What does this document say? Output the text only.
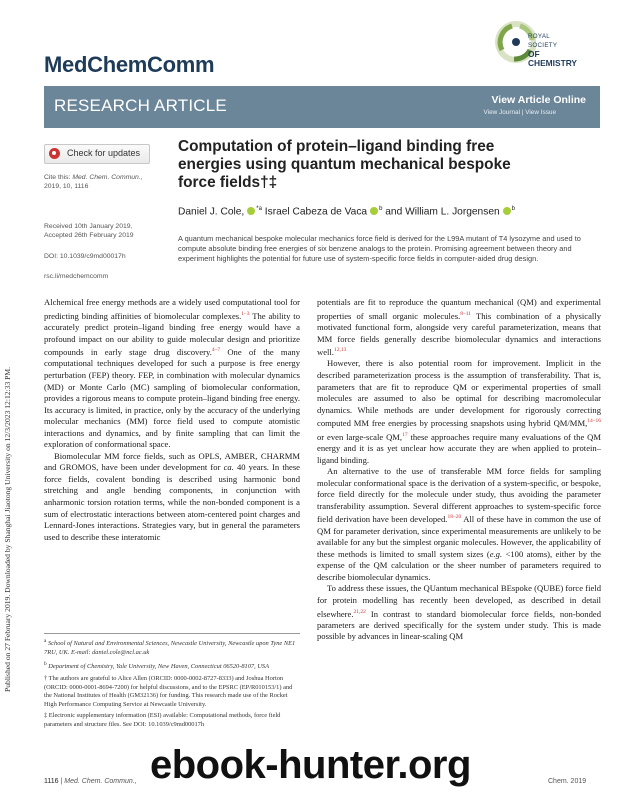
Published on 27 February 2019. Downloaded by Shanghai Jiaotong University on 12/3/2023 12:12:33 PM.
MedChemComm
ROYAL SOCIETY
OF CHEMISTRY
RESEARCH ARTICLE	View Article Online
View Journal | View Issue
Check for updates
Cite this: Med. Chem. Commun.,
2019, 10, 1116
Received 10th January 2019,
Accepted 26th February 2019
DOI: 10.1039/c9md00017h
rsc.li/medchemcomm
Computation of protein–ligand binding free
energies using quantum mechanical bespoke
force fields†‡
Daniel J. Cole, $^{*a}$ Israel Cabeza de Vaca $^b$ and William L. Jorgensen $^b$
A quantum mechanical bespoke molecular mechanics force field is derived for the L99A mutant of T4 lysozyme and used to compute absolute binding free energies of six benzene analogs to the protein. Promising agreement between theory and experiment highlights the potential for future use of system-specific force fields in computer-aided drug design.

Alchemical free energy methods are a widely used computational tool for predicting binding affinities of biomolecular complexes.$^{1-3}$ The ability to accurately predict protein–ligand binding free energy would have a profound impact on our ability to guide molecular design and prioritize compounds in early stage drug discovery.$^{4-7}$ One of the many computational techniques developed for such a purpose is free energy perturbation (FEP) theory. FEP, in combination with molecular dynamics (MD) or Monte Carlo (MC) sampling of biomolecular conformation, provides a rigorous means to compute protein–ligand binding free energy. Its accuracy is limited, in practice, only by the accuracy of the underlying molecular mechanics (MM) force field used to compute atomistic interactions and dynamics, and by finite sampling that can limit the exploration of conformational space.

Biomolecular MM force fields, such as OPLS, AMBER, CHARMM and GROMOS, have been under development for ca. 40 years. In these force fields, covalent bonding is described using harmonic bond stretching and angle bending components, in conjunction with anharmonic torsion rotation terms, while the non-bonded component is a sum of electrostatic interactions between atom-centered point charges and Lennard-Jones interactions. Strategies vary, but in general the parameters used to describe these interatomic

$^a$ School of Natural and Environmental Sciences, Newcastle University, Newcastle upon Tyne NE1 7RU, UK. E-mail: daniel.cole@ncl.ac.uk

$^b$ Department of Chemistry, Yale University, New Haven, Connecticut 06520-8107, USA

† The authors are grateful to Alice Allen (ORCID: 0000-0002-8727-8333) and Joshua Horton (ORCID: 0000-0001-8694-7200) for helpful discussions, and to the EPSRC (EP/R010153/1) and the National Institutes of Health (GM32136) for funding. This research made use of the Rocket High Performance Computing Service at Newcastle University.

‡ Electronic supplementary information (ESI) available: Computational methods, force field parameters and structure files. See DOI: 10.1039/c9md00017h

potentials are fit to reproduce the quantum mechanical (QM) and experimental properties of small organic molecules.$^{8-11}$ This combination of a physically motivated functional form, alongside very careful parameterization, means that MM force fields generally describe biomolecular dynamics and interactions well.$^{12,13}$

However, there is also potential room for improvement. Implicit in the described parameterization process is the assumption of transferability. That is, parameters that are fit to reproduce QM or experimental properties of small molecules are assumed to also be optimal for describing macromolecular dynamics. While methods are under development for rigorously correcting computed MM free energies by processing snapshots using hybrid QM/MM,$^{14-16}$ or even large-scale QM,$^{17}$ these approaches require many evaluations of the QM energy and it is as yet unclear how accurate they are when applied to protein–ligand binding.

An alternative to the use of transferable MM force fields for sampling molecular conformational space is the derivation of a system-specific, or bespoke, force field directly for the molecule under study, thus avoiding the parameter transferability assumption. Several different approaches to system-specific force field derivation have been developed.$^{18-20}$ All of these have in common the use of QM for parameter derivation, since experimental measurements are unlikely to be available for any but the simplest organic molecules. However, the applicability of these methods is limited to small system sizes (e.g. <100 atoms), either by the expense of the QM calculation or the sheer number of parameters required to describe biomolecular dynamics.

To address these issues, the QUantum mechanical BEspoke (QUBE) force field for protein modelling has recently been developed, as described in detail elsewhere.$^{21,22}$ In contrast to standard biomolecular force fields, non-bonded parameters are derived specifically for the system under study. This is made possible by advances in linear-scaling QM

1116 | Med. Chem. Commun.,	Chem. 2019
ebook-hunter.org
